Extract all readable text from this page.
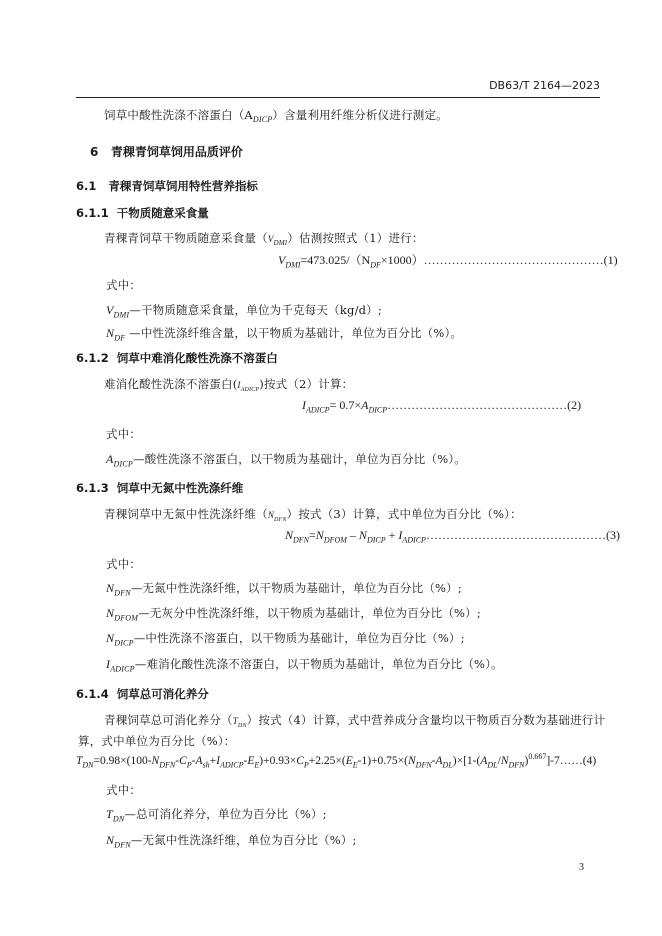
DB63/T 2164—2023
饲草中酸性洗涤不溶蛋白$(A_{DICP})$含量利用纤维分析仪进行测定。
6 青稞青饲草饲用品质评价
6.1 青稞青饲草饲用特性营养指标
6.1.1 干物质随意采食量
青稞青饲草干物质随意采食量$(V_{DMI})$估测按照式（1）进行：
$V_{DMI}=473.025/(N_{DF}\times 1000)\dots\dots\dots\dots\dots\dots\dots\dots\dots\dots\dots\dots\dots\dots\dots(1)$
式中：
$V_{DMI}—$干物质随意采食量，单位为千克每天（kg/d）;
$N_{DF}$ —中性洗涤纤维含量，以干物质为基础计，单位为百分比（%）。
6.1.2 饲草中难消化酸性洗涤不溶蛋白
难消化酸性洗涤不溶蛋白$(I_{ADICP})$按式（2）计算：
$I_{ADICP}=$ $0.7\times A_{DICP}\dots\dots\dots\dots\dots\dots\dots\dots\dots\dots\dots\dots\dots\dots\dots(2)$
式中：
$A_{DICP}—$酸性洗涤不溶蛋白，以干物质为基础计，单位为百分比（%）。
6.1.3 饲草中无氮中性洗涤纤维
青稞饲草中无氮中性洗涤纤维$(N_{DFN})$按式（3）计算，式中单位为百分比（%）：
$N_{DFN}=N_{DFOM} - N_{DICP}$ + $I_{ADICP}\dots\dots\dots\dots\dots\dots\dots\dots\dots\dots\dots\dots\dots\dots\dots(3)$
式中：
$N_{DFN}—$无氮中性洗涤纤维，以干物质为基础计，单位为百分比（%）;
$N_{DFOM}—$无灰分中性洗涤纤维，以干物质为基础计，单位为百分比（%）;
$N_{DICP}—$中性洗涤不溶蛋白，以干物质为基础计，单位为百分比（%）;
$I_{ADICP}—$难消化酸性洗涤不溶蛋白，以干物质为基础计，单位为百分比（%）。
6.1.4 饲草总可消化养分
青稞饲草总可消化养分$(T_{DN})$按式（4）计算，式中营养成分含量均以干物质百分数为基础进行计
算，式中单位为百分比（%）：
$T_{DN}=0.98\times(100-N_{DFN}-C_P-A_{sh}+I_{ADICP}-E_E)+0.93\times C_P+2.25\times(E_E-1)+0.75\times(N_{DFN}-A_{DL})\times[1-(A_{DL}/N_{DFN})^{0.667}]-7\dots\dots(4)$
式中：
$T_{DN}—$总可消化养分，单位为百分比（%）;
$N_{DFN}—$无氮中性洗涤纤维，单位为百分比（%）;
3
